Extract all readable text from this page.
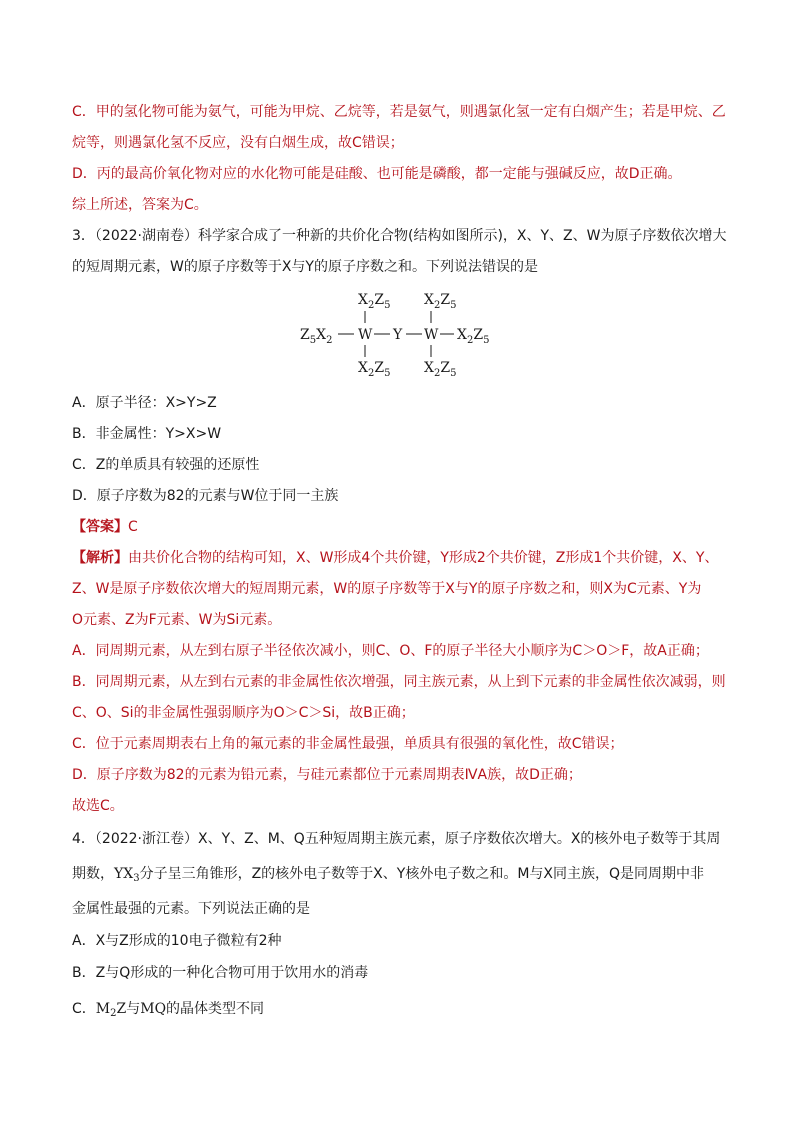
C．甲的氢化物可能为氨气，可能为甲烷、乙烷等，若是氨气，则遇氯化氢一定有白烟产生；若是甲烷、乙
烷等，则遇氯化氢不反应，没有白烟生成，故C错误；
D．丙的最高价氧化物对应的水化物可能是硅酸、也可能是磷酸，都一定能与强碱反应，故D正确。
综上所述，答案为C。
3．（2022·湖南卷）科学家合成了一种新的共价化合物(结构如图所示)，X、Y、Z、W为原子序数依次增大
的短周期元素，W的原子序数等于X与Y的原子序数之和。下列说法错误的是
$X_2Z_5$ $X_2Z_5$
$Z_5X_2$ W Y W $X_2Z_5$
$X_2Z_5$ $X_2Z_5$
A．原子半径：X>Y>Z
B．非金属性：Y>X>W
C．Z的单质具有较强的还原性
D．原子序数为82的元素与W位于同一主族
【答案】C
【解析】由共价化合物的结构可知，X、W形成4个共价键，Y形成2个共价键，Z形成1个共价键，X、Y、
Z、W是原子序数依次增大的短周期元素，W的原子序数等于X与Y的原子序数之和，则X为C元素、Y为
O元素、Z为F元素、W为Si元素。
A．同周期元素，从左到右原子半径依次减小，则C、O、F的原子半径大小顺序为C＞O＞F，故A正确；
B．同周期元素，从左到右元素的非金属性依次增强，同主族元素，从上到下元素的非金属性依次减弱，则
C、O、Si的非金属性强弱顺序为O＞C＞Si，故B正确；
C．位于元素周期表右上角的氟元素的非金属性最强，单质具有很强的氧化性，故C错误；
D．原子序数为82的元素为铅元素，与硅元素都位于元素周期表ⅣA族，故D正确；
故选C。
4．（2022·浙江卷）X、Y、Z、M、Q五种短周期主族元素，原子序数依次增大。X的核外电子数等于其周
期数，$YX_3$分子呈三角锥形，Z的核外电子数等于X、Y核外电子数之和。M与X同主族，Q是同周期中非
金属性最强的元素。下列说法正确的是
A．X与Z形成的10电子微粒有2种
B．Z与Q形成的一种化合物可用于饮用水的消毒
C．$M_2Z$与MQ的晶体类型不同
